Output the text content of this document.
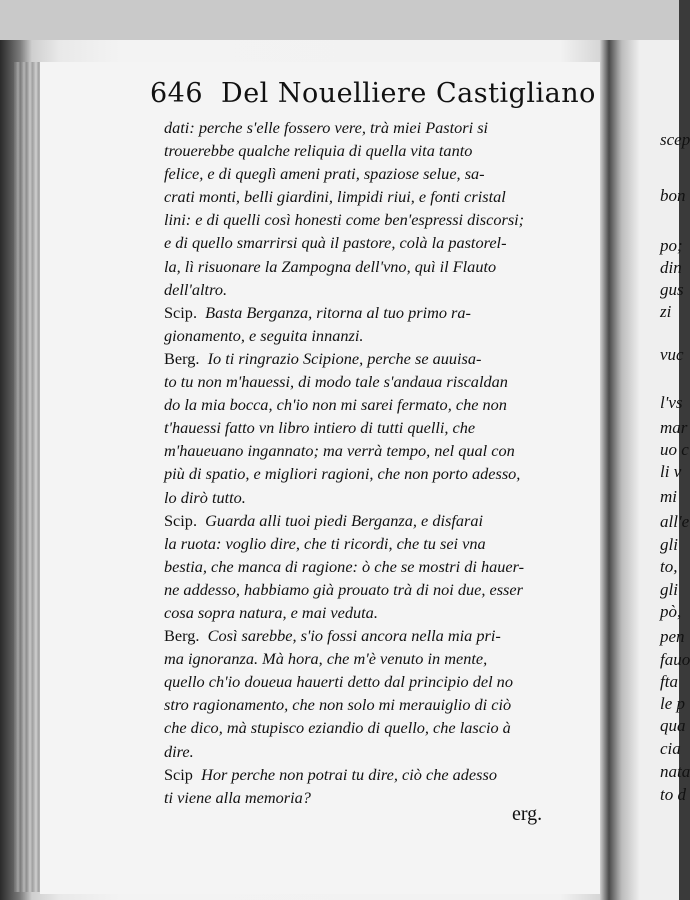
646 Del Nouelliere Castigliano
dati: perche s'elle fossero vere, trà miei Pastori si
trouerebbe qualche reliquia di quella vita tanto
felice, e di queglì ameni prati, spaziose selue, sa-
crati monti, belli giardini, limpidi riui, e fonti cristal
lini: e di quelli così honesti come ben'espressi discorsi;
e di quello smarrirsi quà il pastore, colà la pastorel-
la, lì risuonare la Zampogna dell'vno, quì il Flauto
dell'altro.
Scip. Basta Berganza, ritorna al tuo primo ra-
gionamento, e seguita innanzi.
Berg. Io ti ringrazio Scipione, perche se auuisa-
to tu non m'hauessi, di modo tale s'andaua riscaldan
do la mia bocca, ch'io non mi sarei fermato, che non
t'hauessi fatto vn libro intiero di tutti quelli, che
m'haueuano ingannato; ma verrà tempo, nel qual con
più di spatio, e migliori ragioni, che non porto adesso,
lo dirò tutto.
Scip. Guarda alli tuoi piedi Berganza, e disfarai
la ruota: voglio dire, che ti ricordi, che tu sei vna
bestia, che manca di ragione: ò che se mostri di hauer-
ne addesso, habbiamo già prouato trà di noi due, esser
cosa sopra natura, e mai veduta.
Berg. Così sarebbe, s'io fossi ancora nella mia pri-
ma ignoranza. Mà hora, che m'è venuto in mente,
quello ch'io doueua hauerti detto dal principio del no
stro ragionamento, che non solo mi merauiglio di ciò
che dico, mà stupisco eziandio di quello, che lascio à
dire.
Scip Hor perche non potrai tu dire, ciò che adesso
ti viene alla memoria?
erg.
scep
bon
po;
din
gus
zi
vuc
l'vs
mar
uo c
li v
mi
all'e
gli
to,
gli
pò,
pen
fauo
fta
le p
qua
cia
nata
to d
